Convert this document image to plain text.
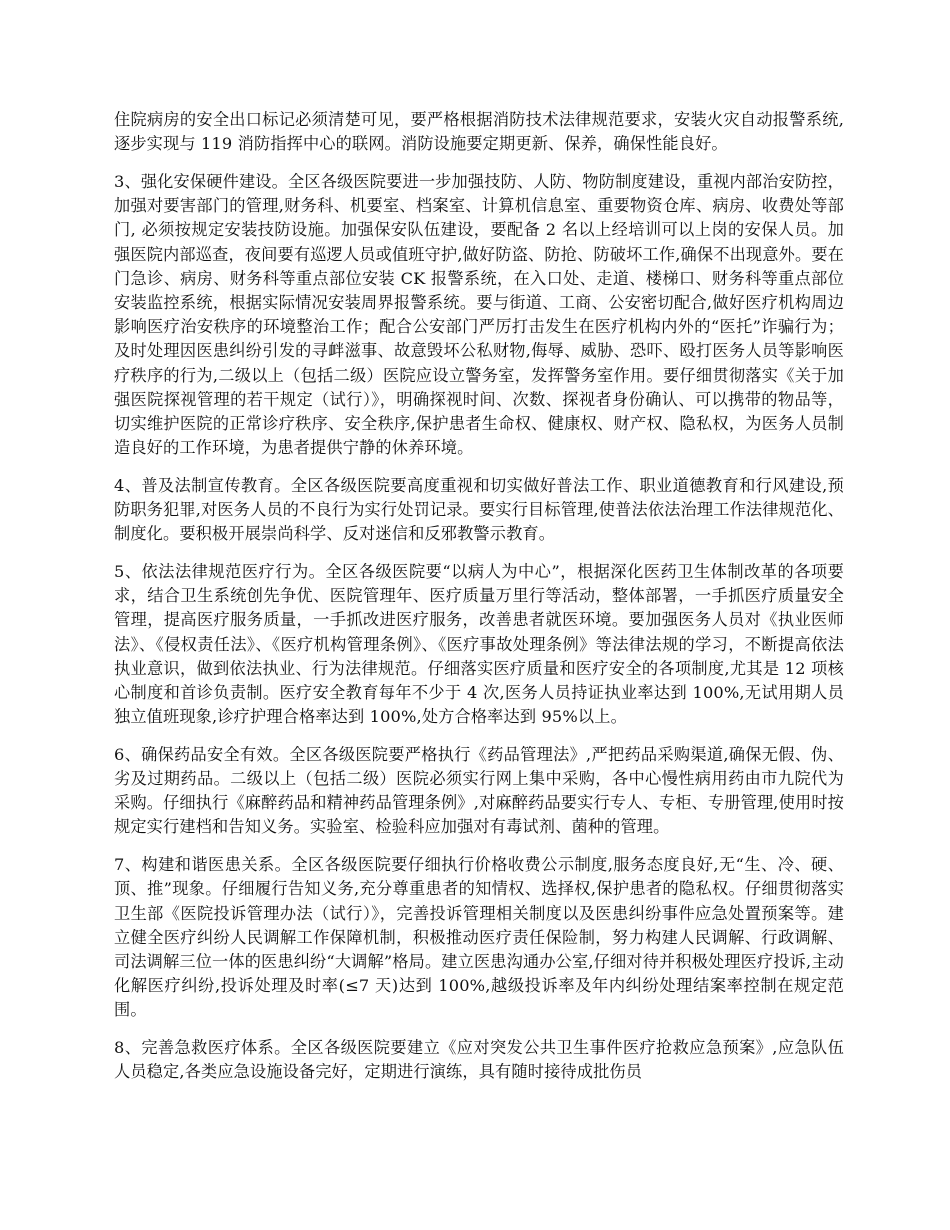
住院病房的安全出口标记必须清楚可见，要严格根据消防技术法律规范要求，安装火灾自动报警系统, 逐步实现与 119 消防指挥中心的联网。消防设施要定期更新、保养，确保性能良好。

3、强化安保硬件建设。全区各级医院要进一步加强技防、人防、物防制度建设，重视内部治安防控，加强对要害部门的管理,财务科、机要室、档案室、计算机信息室、重要物资仓库、病房、收费处等部门, 必须按规定安装技防设施。加强保安队伍建设，要配备 2 名以上经培训可以上岗的安保人员。加强医院内部巡查，夜间要有巡逻人员或值班守护,做好防盗、防抢、防破坏工作,确保不出现意外。要在门急诊、病房、财务科等重点部位安装 CK 报警系统，在入口处、走道、楼梯口、财务科等重点部位安装监控系统，根据实际情况安装周界报警系统。要与街道、工商、公安密切配合,做好医疗机构周边影响医疗治安秩序的环境整治工作；配合公安部门严厉打击发生在医疗机构内外的“医托”诈骗行为；及时处理因医患纠纷引发的寻衅滋事、故意毁坏公私财物,侮辱、威胁、恐吓、殴打医务人员等影响医疗秩序的行为,二级以上（包括二级）医院应设立警务室，发挥警务室作用。要仔细贯彻落实《关于加强医院探视管理的若干规定（试行）》，明确探视时间、次数、探视者身份确认、可以携带的物品等，切实维护医院的正常诊疗秩序、安全秩序,保护患者生命权、健康权、财产权、隐私权，为医务人员制造良好的工作环境，为患者提供宁静的休养环境。

4、普及法制宣传教育。全区各级医院要高度重视和切实做好普法工作、职业道德教育和行风建设,预防职务犯罪,对医务人员的不良行为实行处罚记录。要实行目标管理,使普法依法治理工作法律规范化、制度化。要积极开展崇尚科学、反对迷信和反邪教警示教育。

5、依法法律规范医疗行为。全区各级医院要“以病人为中心”，根据深化医药卫生体制改革的各项要求，结合卫生系统创先争优、医院管理年、医疗质量万里行等活动，整体部署，一手抓医疗质量安全管理，提高医疗服务质量，一手抓改进医疗服务，改善患者就医环境。要加强医务人员对《执业医师法》、《侵权责任法》、《医疗机构管理条例》、《医疗事故处理条例》等法律法规的学习，不断提高依法执业意识，做到依法执业、行为法律规范。仔细落实医疗质量和医疗安全的各项制度,尤其是 12 项核心制度和首诊负责制。医疗安全教育每年不少于 4 次,医务人员持证执业率达到 100%,无试用期人员独立值班现象,诊疗护理合格率达到 100%,处方合格率达到 95%以上。

6、确保药品安全有效。全区各级医院要严格执行《药品管理法》,严把药品采购渠道,确保无假、伪、劣及过期药品。二级以上（包括二级）医院必须实行网上集中采购，各中心慢性病用药由市九院代为采购。仔细执行《麻醉药品和精神药品管理条例》,对麻醉药品要实行专人、专柜、专册管理,使用时按规定实行建档和告知义务。实验室、检验科应加强对有毒试剂、菌种的管理。

7、构建和谐医患关系。全区各级医院要仔细执行价格收费公示制度,服务态度良好,无“生、冷、硬、顶、推”现象。仔细履行告知义务,充分尊重患者的知情权、选择权,保护患者的隐私权。仔细贯彻落实卫生部《医院投诉管理办法（试行）》，完善投诉管理相关制度以及医患纠纷事件应急处置预案等。建立健全医疗纠纷人民调解工作保障机制，积极推动医疗责任保险制，努力构建人民调解、行政调解、司法调解三位一体的医患纠纷“大调解”格局。建立医患沟通办公室,仔细对待并积极处理医疗投诉,主动化解医疗纠纷,投诉处理及时率(≤7 天)达到 100%,越级投诉率及年内纠纷处理结案率控制在规定范围。

8、完善急救医疗体系。全区各级医院要建立《应对突发公共卫生事件医疗抢救应急预案》,应急队伍人员稳定,各类应急设施设备完好，定期进行演练，具有随时接待成批伤员
